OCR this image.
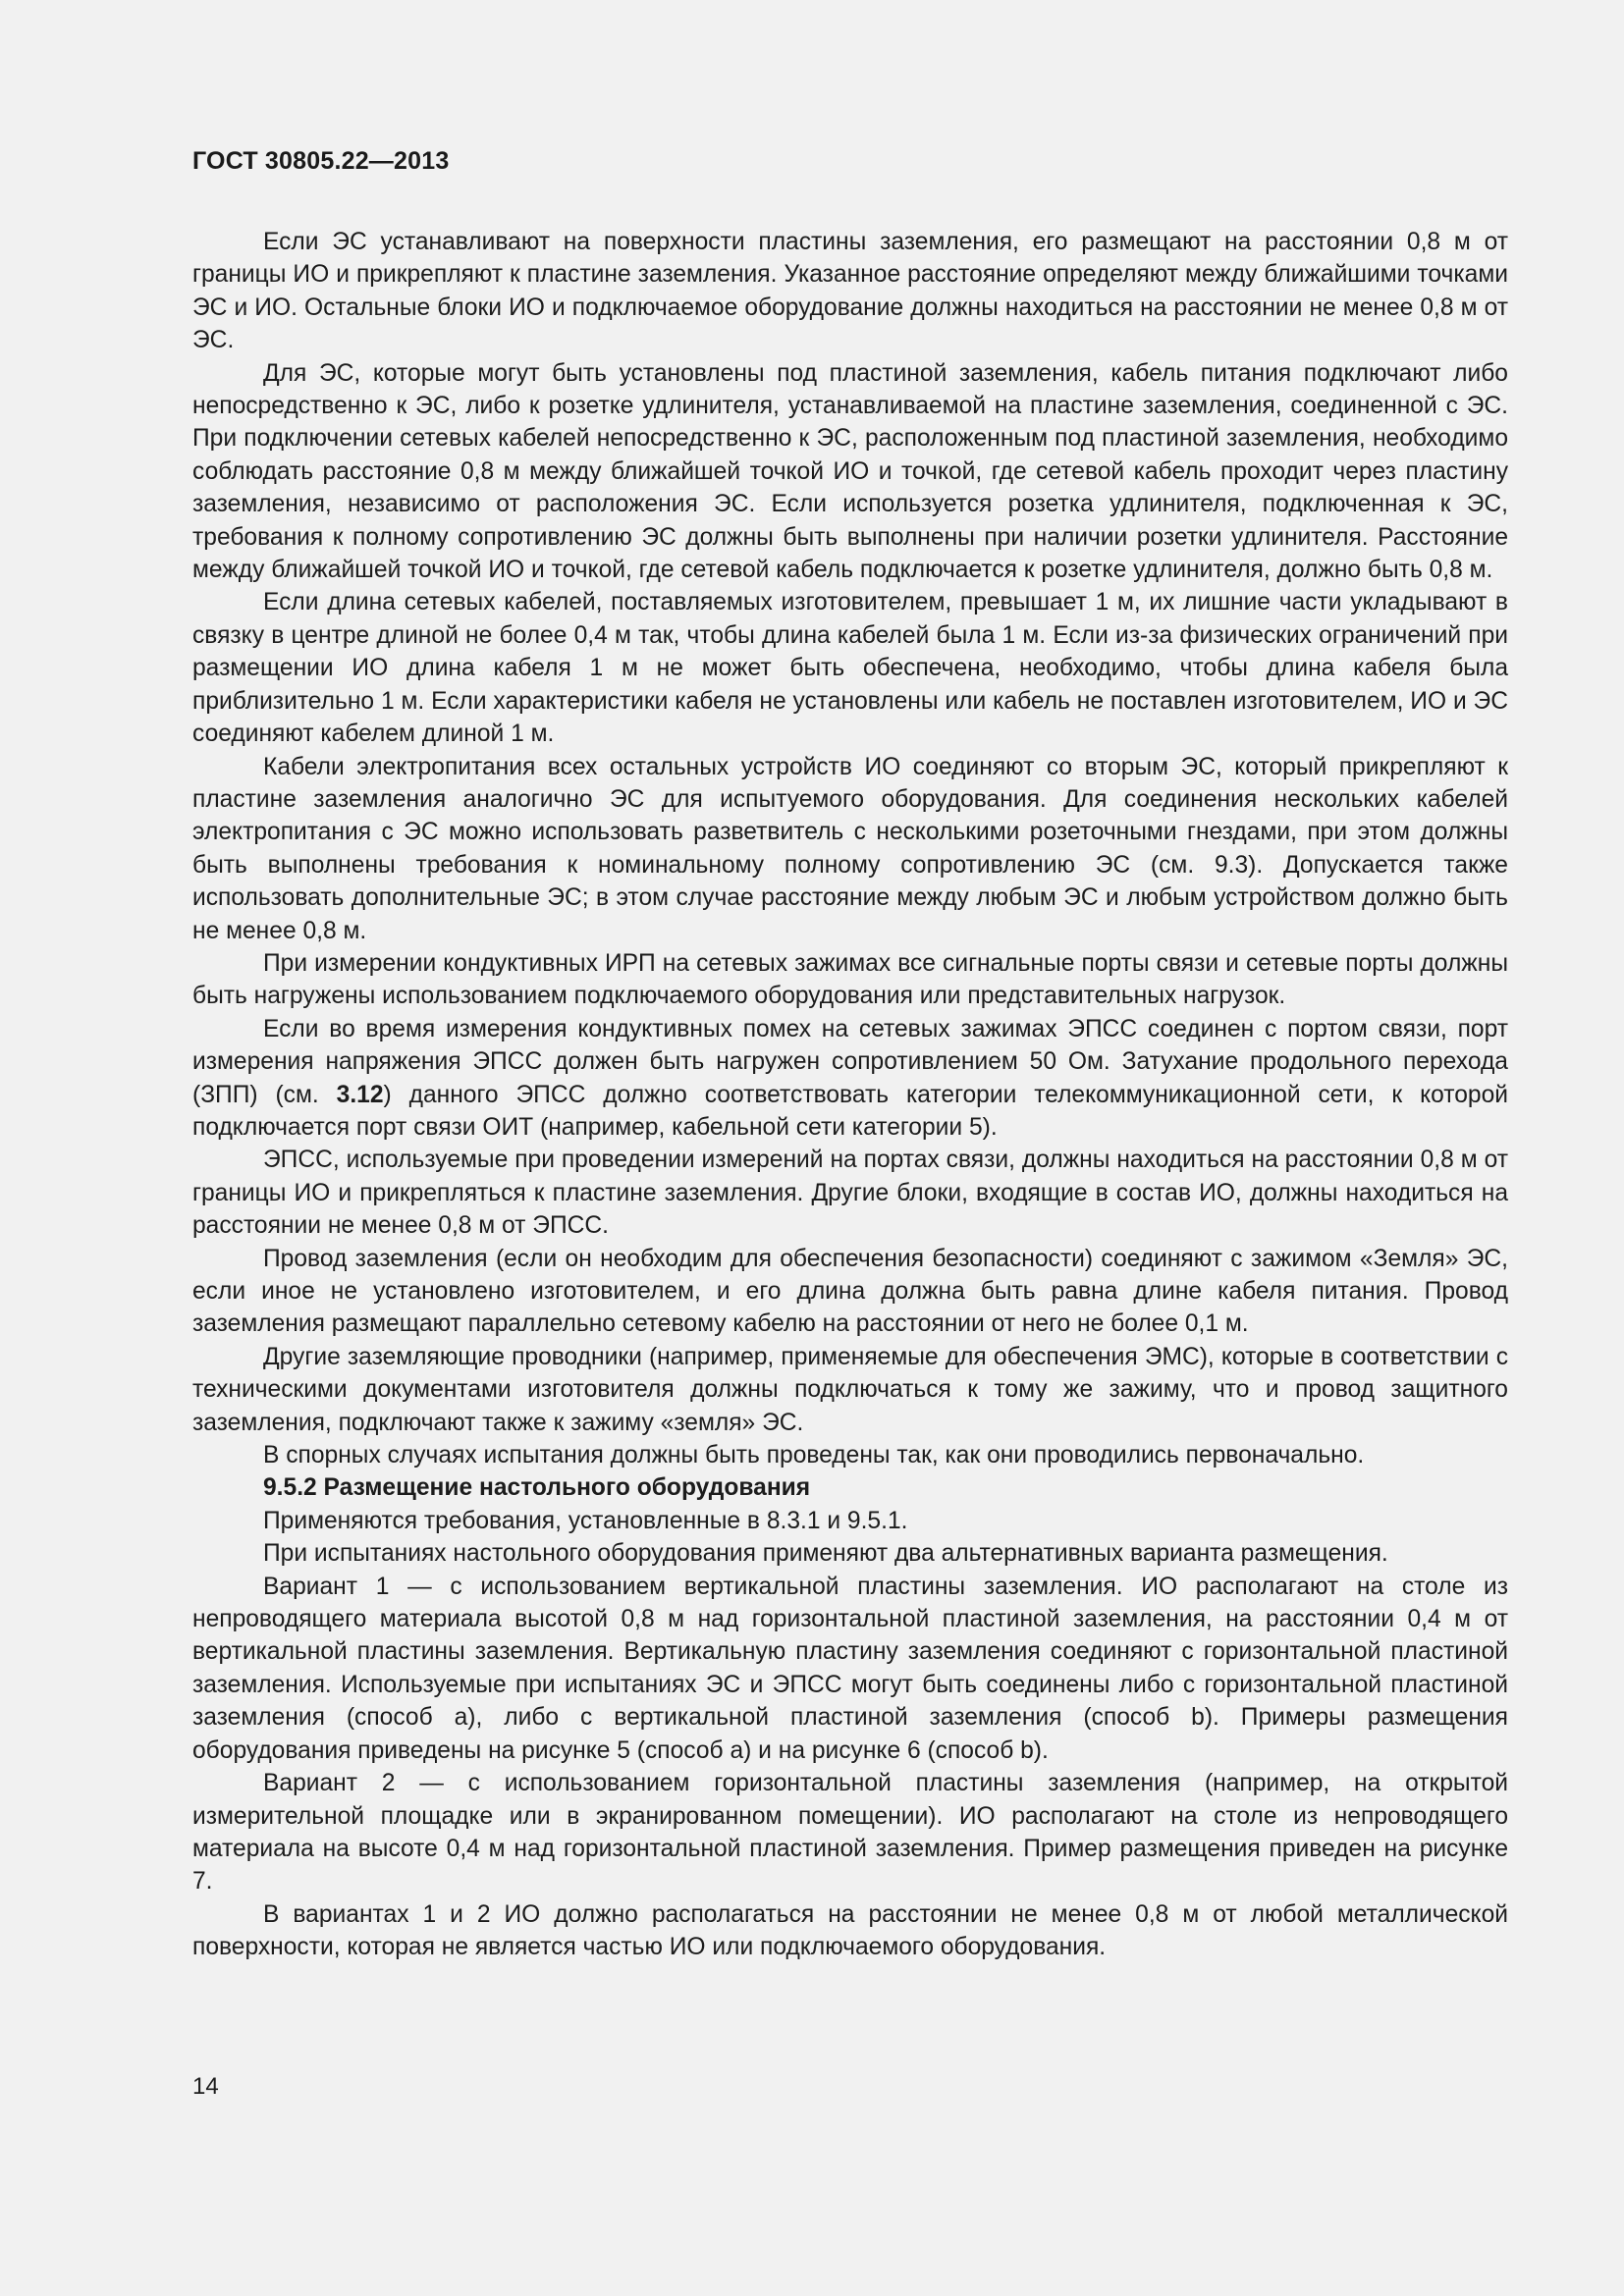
ГОСТ 30805.22—2013

Если ЭС устанавливают на поверхности пластины заземления, его размещают на расстоянии 0,8 м от границы ИО и прикрепляют к пластине заземления. Указанное расстояние определяют между ближайшими точками ЭС и ИО. Остальные блоки ИО и подключаемое оборудование должны находиться на расстоянии не менее 0,8 м от ЭС.

Для ЭС, которые могут быть установлены под пластиной заземления, кабель питания подключают либо непосредственно к ЭС, либо к розетке удлинителя, устанавливаемой на пластине заземления, соединенной с ЭС. При подключении сетевых кабелей непосредственно к ЭС, расположенным под пластиной заземления, необходимо соблюдать расстояние 0,8 м между ближайшей точкой ИО и точкой, где сетевой кабель проходит через пластину заземления, независимо от расположения ЭС. Если используется розетка удлинителя, подключенная к ЭС, требования к полному сопротивлению ЭС должны быть выполнены при наличии розетки удлинителя. Расстояние между ближайшей точкой ИО и точкой, где сетевой кабель подключается к розетке удлинителя, должно быть 0,8 м.

Если длина сетевых кабелей, поставляемых изготовителем, превышает 1 м, их лишние части укладывают в связку в центре длиной не более 0,4 м так, чтобы длина кабелей была 1 м. Если из-за физических ограничений при размещении ИО длина кабеля 1 м не может быть обеспечена, необходимо, чтобы длина кабеля была приблизительно 1 м. Если характеристики кабеля не установлены или кабель не поставлен изготовителем, ИО и ЭС соединяют кабелем длиной 1 м.

Кабели электропитания всех остальных устройств ИО соединяют со вторым ЭС, который прикрепляют к пластине заземления аналогично ЭС для испытуемого оборудования. Для соединения нескольких кабелей электропитания с ЭС можно использовать разветвитель с несколькими розеточными гнездами, при этом должны быть выполнены требования к номинальному полному сопротивлению ЭС (см. 9.3). Допускается также использовать дополнительные ЭС; в этом случае расстояние между любым ЭС и любым устройством должно быть не менее 0,8 м.

При измерении кондуктивных ИРП на сетевых зажимах все сигнальные порты связи и сетевые порты должны быть нагружены использованием подключаемого оборудования или представительных нагрузок.

Если во время измерения кондуктивных помех на сетевых зажимах ЭПСС соединен с портом связи, порт измерения напряжения ЭПСС должен быть нагружен сопротивлением 50 Ом. Затухание продольного перехода (ЗПП) (см. 3.12) данного ЭПСС должно соответствовать категории телекоммуникационной сети, к которой подключается порт связи ОИТ (например, кабельной сети категории 5).

ЭПСС, используемые при проведении измерений на портах связи, должны находиться на расстоянии 0,8 м от границы ИО и прикрепляться к пластине заземления. Другие блоки, входящие в состав ИО, должны находиться на расстоянии не менее 0,8 м от ЭПСС.

Провод заземления (если он необходим для обеспечения безопасности) соединяют с зажимом «Земля» ЭС, если иное не установлено изготовителем, и его длина должна быть равна длине кабеля питания. Провод заземления размещают параллельно сетевому кабелю на расстоянии от него не более 0,1 м.

Другие заземляющие проводники (например, применяемые для обеспечения ЭМС), которые в соответствии с техническими документами изготовителя должны подключаться к тому же зажиму, что и провод защитного заземления, подключают также к зажиму «земля» ЭС.

В спорных случаях испытания должны быть проведены так, как они проводились первоначально.

9.5.2 Размещение настольного оборудования

Применяются требования, установленные в 8.3.1 и 9.5.1.

При испытаниях настольного оборудования применяют два альтернативных варианта размещения.

Вариант 1 — с использованием вертикальной пластины заземления. ИО располагают на столе из непроводящего материала высотой 0,8 м над горизонтальной пластиной заземления, на расстоянии 0,4 м от вертикальной пластины заземления. Вертикальную пластину заземления соединяют с горизонтальной пластиной заземления. Используемые при испытаниях ЭС и ЭПСС могут быть соединены либо с горизонтальной пластиной заземления (способ а), либо с вертикальной пластиной заземления (способ b). Примеры размещения оборудования приведены на рисунке 5 (способ а) и на рисунке 6 (способ b).

Вариант 2 — с использованием горизонтальной пластины заземления (например, на открытой измерительной площадке или в экранированном помещении). ИО располагают на столе из непроводящего материала на высоте 0,4 м над горизонтальной пластиной заземления. Пример размещения приведен на рисунке 7.

В вариантах 1 и 2 ИО должно располагаться на расстоянии не менее 0,8 м от любой металлической поверхности, которая не является частью ИО или подключаемого оборудования.

14
